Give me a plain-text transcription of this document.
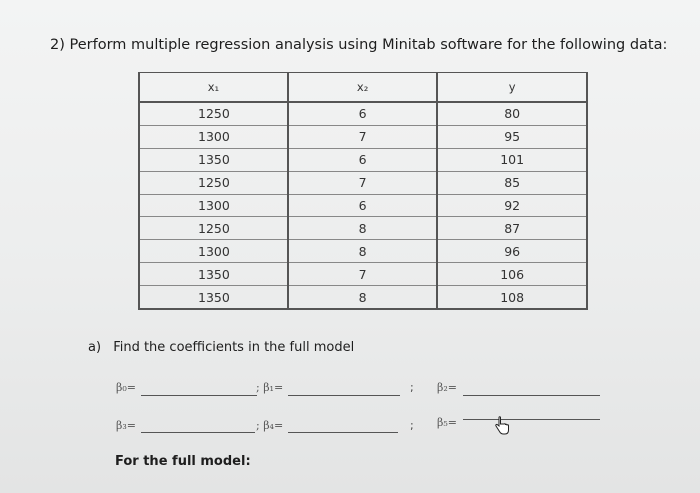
2) Perform multiple regression analysis using Minitab software for the following data:
x₁	x₂	y
1250	6	80
1300	7	95
1350	6	101
1250	7	85
1300	6	92
1250	8	87
1300	8	96
1350	7	106
1350	8	108
a) Find the coefficients in the full model
β₀=	; β₁=	; β₂=
β₃=	; β₄=	; β₅=
For the full model:
